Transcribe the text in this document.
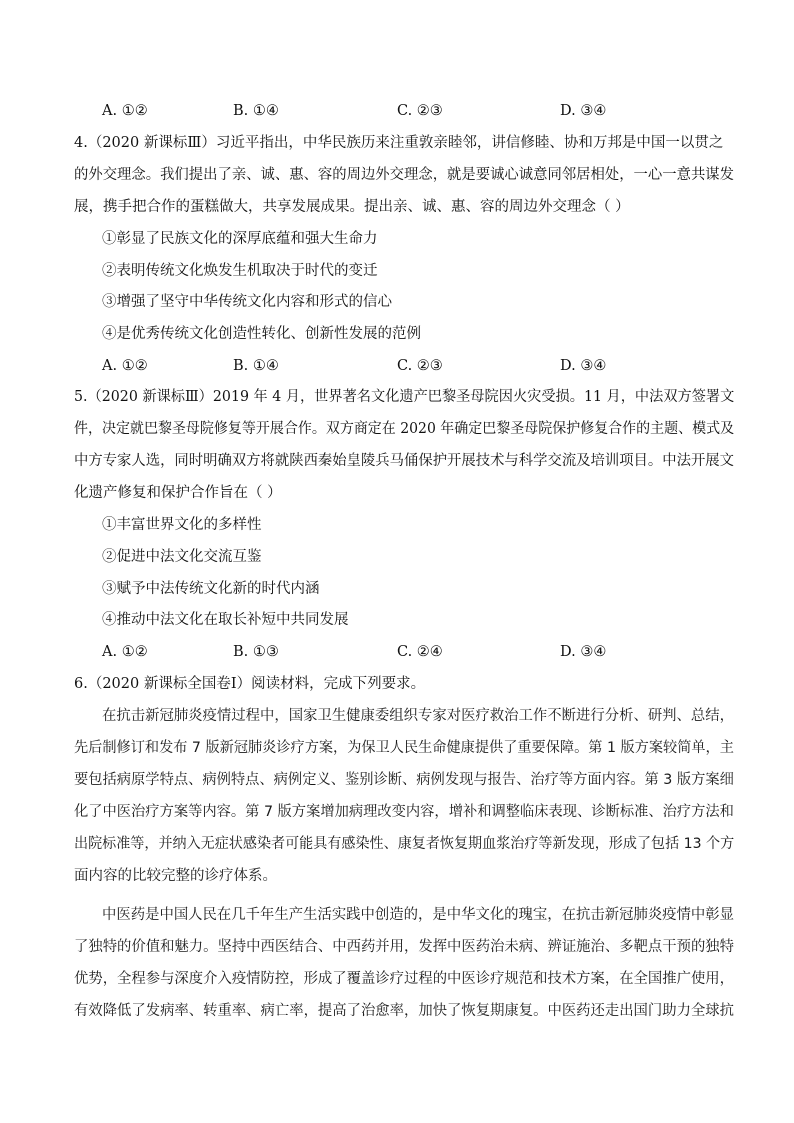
A. ①②	B. ①④	C. ②③	D. ③④
4.（2020 新课标Ⅲ）习近平指出，中华民族历来注重敦亲睦邻，讲信修睦、协和万邦是中国一以贯之
的外交理念。我们提出了亲、诚、惠、容的周边外交理念，就是要诚心诚意同邻居相处，一心一意共谋发
展，携手把合作的蛋糕做大，共享发展成果。提出亲、诚、惠、容的周边外交理念（ ）
①彰显了民族文化的深厚底蕴和强大生命力
②表明传统文化焕发生机取决于时代的变迁
③增强了坚守中华传统文化内容和形式的信心
④是优秀传统文化创造性转化、创新性发展的范例
A. ①②	B. ①④	C. ②③	D. ③④
5.（2020 新课标Ⅲ）2019 年 4 月，世界著名文化遗产巴黎圣母院因火灾受损。11 月，中法双方签署文
件，决定就巴黎圣母院修复等开展合作。双方商定在 2020 年确定巴黎圣母院保护修复合作的主题、模式及
中方专家人选，同时明确双方将就陕西秦始皇陵兵马俑保护开展技术与科学交流及培训项目。中法开展文
化遗产修复和保护合作旨在（ ）
①丰富世界文化的多样性
②促进中法文化交流互鉴
③赋予中法传统文化新的时代内涵
④推动中法文化在取长补短中共同发展
A. ①②	B. ①③	C. ②④	D. ③④
6.（2020 新课标全国卷Ⅰ）阅读材料，完成下列要求。
在抗击新冠肺炎疫情过程中，国家卫生健康委组织专家对医疗救治工作不断进行分析、研判、总结，
先后制修订和发布 7 版新冠肺炎诊疗方案，为保卫人民生命健康提供了重要保障。第 1 版方案较简单，主
要包括病原学特点、病例特点、病例定义、鉴别诊断、病例发现与报告、治疗等方面内容。第 3 版方案细
化了中医治疗方案等内容。第 7 版方案增加病理改变内容，增补和调整临床表现、诊断标准、治疗方法和
出院标准等，并纳入无症状感染者可能具有感染性、康复者恢复期血浆治疗等新发现，形成了包括 13 个方
面内容的比较完整的诊疗体系。
中医药是中国人民在几千年生产生活实践中创造的，是中华文化的瑰宝，在抗击新冠肺炎疫情中彰显
了独特的价值和魅力。坚持中西医结合、中西药并用，发挥中医药治未病、辨证施治、多靶点干预的独特
优势，全程参与深度介入疫情防控，形成了覆盖诊疗过程的中医诊疗规范和技术方案，在全国推广使用，
有效降低了发病率、转重率、病亡率，提高了治愈率，加快了恢复期康复。中医药还走出国门助力全球抗
